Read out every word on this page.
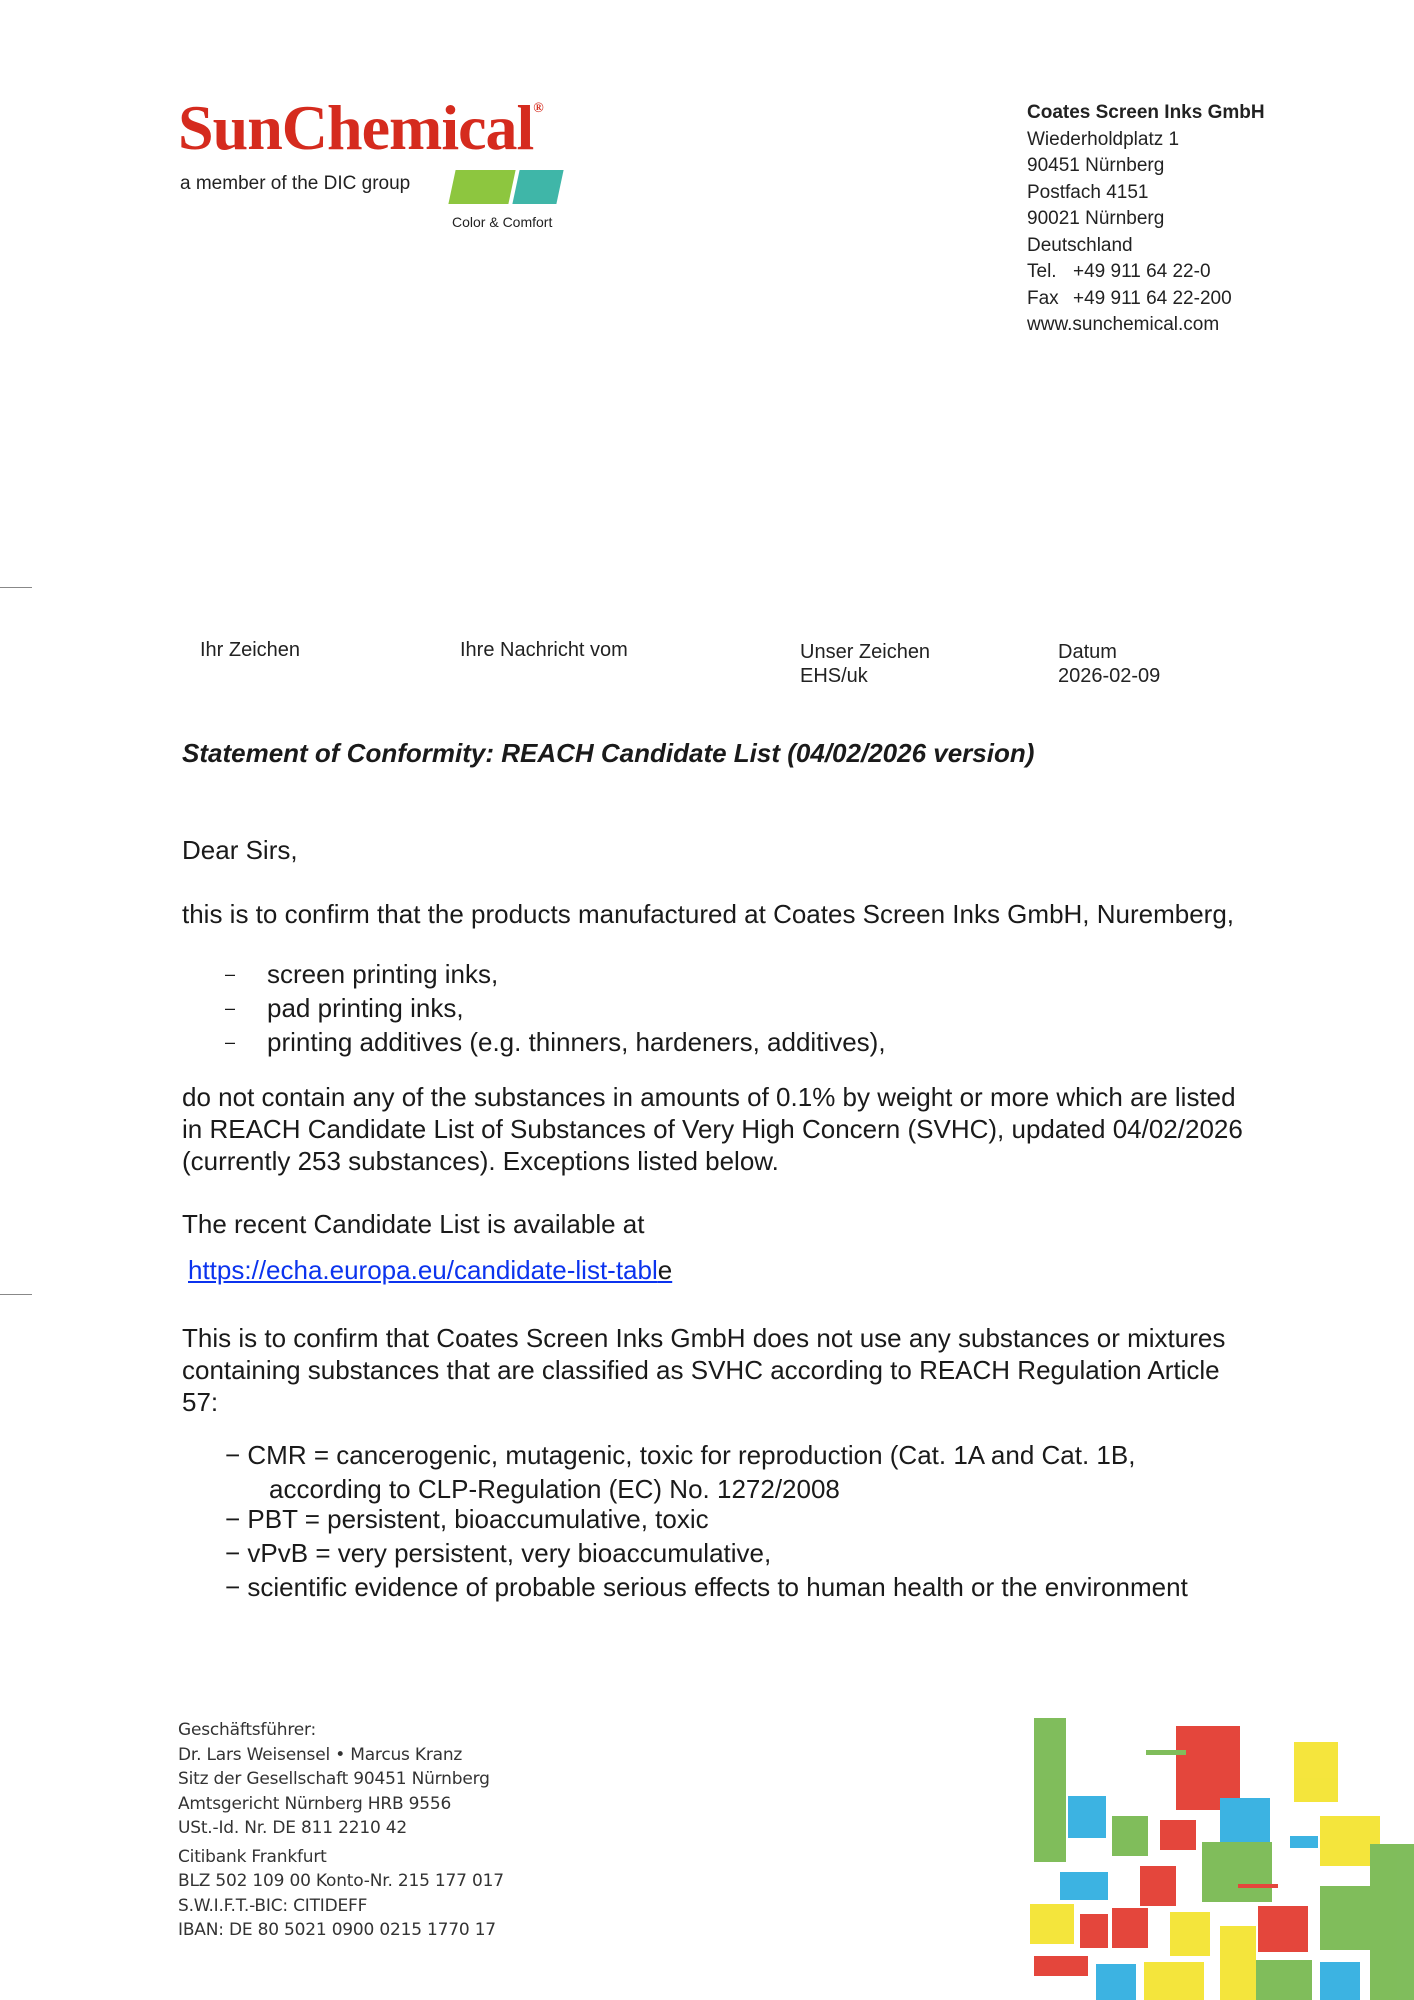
SunChemical®
a member of the DIC group
Color & Comfort
Coates Screen Inks GmbH
Wiederholdplatz 1
90451 Nürnberg
Postfach 4151
90021 Nürnberg
Deutschland
Tel. +49 911 64 22-0
Fax +49 911 64 22-200
www.sunchemical.com
Ihr Zeichen	Ihre Nachricht vom	Unser Zeichen
EHS/uk
Datum
2026-02-09
Statement of Conformity: REACH Candidate List (04/02/2026 version)
Dear Sirs,
this is to confirm that the products manufactured at Coates Screen Inks GmbH, Nuremberg,
– screen printing inks,
– pad printing inks,
– printing additives (e.g. thinners, hardeners, additives),
do not contain any of the substances in amounts of 0.1% by weight or more which are listed
in REACH Candidate List of Substances of Very High Concern (SVHC), updated 04/02/2026
(currently 253 substances). Exceptions listed below.
The recent Candidate List is available at
https://echa.europa.eu/candidate-list-table
This is to confirm that Coates Screen Inks GmbH does not use any substances or mixtures
containing substances that are classified as SVHC according to REACH Regulation Article
57:
− CMR = cancerogenic, mutagenic, toxic for reproduction (Cat. 1A and Cat. 1B,
according to CLP-Regulation (EC) No. 1272/2008
− PBT = persistent, bioaccumulative, toxic
− vPvB = very persistent, very bioaccumulative,
− scientific evidence of probable serious effects to human health or the environment
Geschäftsführer:
Dr. Lars Weisensel • Marcus Kranz
Sitz der Gesellschaft 90451 Nürnberg
Amtsgericht Nürnberg HRB 9556
USt.-Id. Nr. DE 811 2210 42
Citibank Frankfurt
BLZ 502 109 00 Konto-Nr. 215 177 017
S.W.I.F.T.-BIC: CITIDEFF
IBAN: DE 80 5021 0900 0215 1770 17
